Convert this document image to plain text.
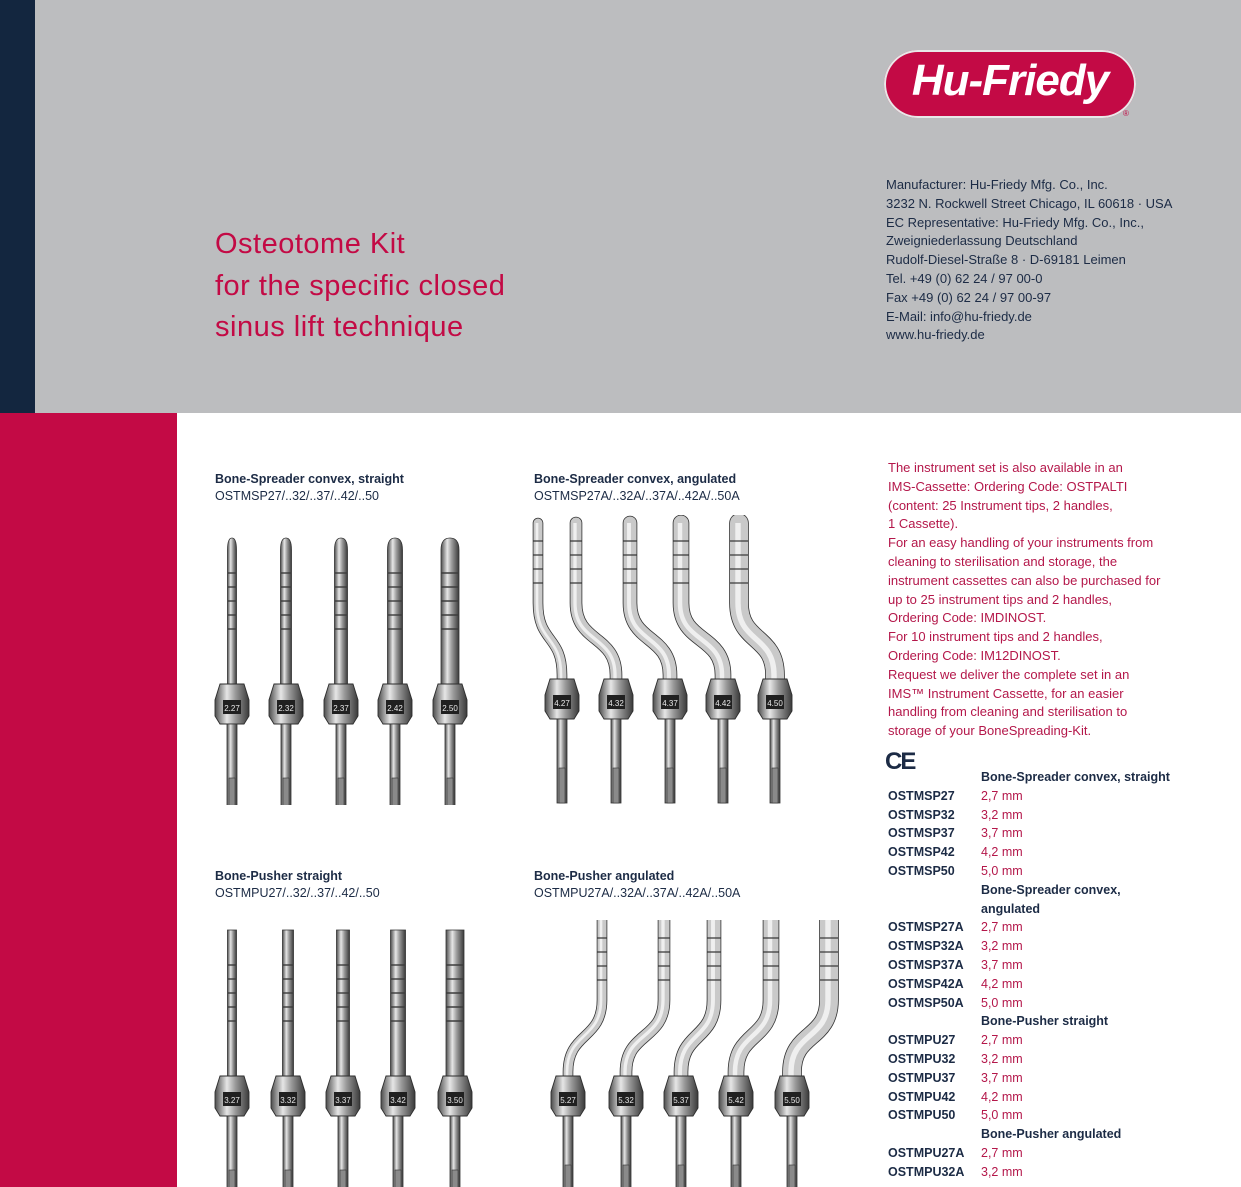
Hu-Friedy
®
Manufacturer: Hu-Friedy Mfg. Co., Inc.
3232 N. Rockwell Street Chicago, IL 60618 · USA
EC Representative: Hu-Friedy Mfg. Co., Inc.,
Zweigniederlassung Deutschland
Rudolf-Diesel-Straße 8 · D-69181 Leimen
Tel. +49 (0) 62 24 / 97 00-0
Fax +49 (0) 62 24 / 97 00-97
E-Mail: info@hu-friedy.de
www.hu-friedy.de
Osteotome Kit
for the specific closed
sinus lift technique
Bone-Spreader convex, straight
OSTMSP27/..32/..37/..42/..50
Bone-Spreader convex, angulated
OSTMSP27A/..32A/..37A/..42A/..50A
Bone-Pusher straight
OSTMPU27/..32/..37/..42/..50
Bone-Pusher angulated
OSTMPU27A/..32A/..37A/..42A/..50A
2.27	2.32	2.37	2.42	2.50
4.27	4.32	4.37	4.42	4.50
3.27	3.32	3.37	3.42	3.50	5.27	5.32	5.37	5.42	5.50
The instrument set is also available in an
IMS-Cassette: Ordering Code: OSTPALTI
(content: 25 Instrument tips, 2 handles,
1 Cassette).
For an easy handling of your instruments from
cleaning to sterilisation and storage, the
instrument cassettes can also be purchased for
up to 25 instrument tips and 2 handles,
Ordering Code: IMDINOST.
For 10 instrument tips and 2 handles,
Ordering Code: IM12DINOST.
Request we deliver the complete set in an
IMS™ Instrument Cassette, for an easier
handling from cleaning and sterilisation to
storage of your BoneSpreading-Kit.
CE
Bone-Spreader convex, straight
OSTMSP27 2,7 mm
OSTMSP32 3,2 mm
OSTMSP37 3,7 mm
OSTMSP42 4,2 mm
OSTMSP50 5,0 mm
Bone-Spreader convex,
angulated
OSTMSP27A 2,7 mm
OSTMSP32A 3,2 mm
OSTMSP37A 3,7 mm
OSTMSP42A 4,2 mm
OSTMSP50A 5,0 mm
Bone-Pusher straight
OSTMPU27 2,7 mm
OSTMPU32 3,2 mm
OSTMPU37 3,7 mm
OSTMPU42 4,2 mm
OSTMPU50 5,0 mm
Bone-Pusher angulated
OSTMPU27A 2,7 mm
OSTMPU32A 3,2 mm
